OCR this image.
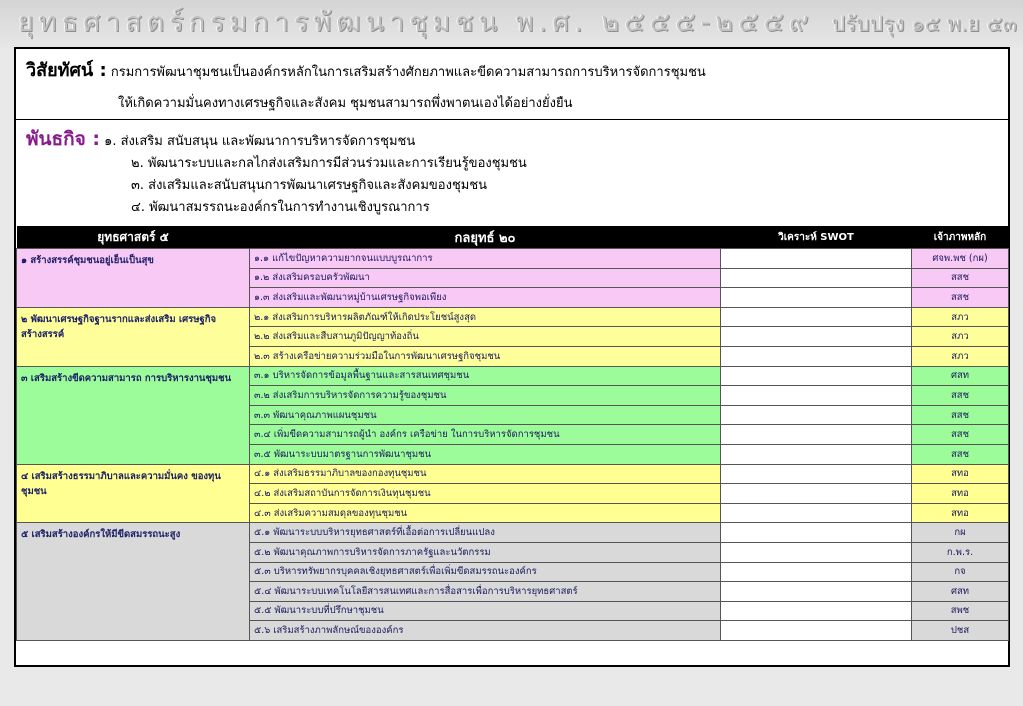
ยุทธศาสตร์กรมการพัฒนาชุมชน พ.ศ. ๒๕๕๕-๒๕๕๙ ปรับปรุง ๑๕ พ.ย ๕๓
วิสัยทัศน์ : กรมการพัฒนาชุมชนเป็นองค์กรหลักในการเสริมสร้างศักยภาพและขีดความสามารถการบริหารจัดการชุมชน
ให้เกิดความมั่นคงทางเศรษฐกิจและสังคม ชุมชนสามารถพึ่งพาตนเองได้อย่างยั่งยืน
พันธกิจ : ๑. ส่งเสริม สนับสนุน และพัฒนาการบริหารจัดการชุมชน
๒. พัฒนาระบบและกลไกส่งเสริมการมีส่วนร่วมและการเรียนรู้ของชุมชน
๓. ส่งเสริมและสนับสนุนการพัฒนาเศรษฐกิจและสังคมของชุมชน
๔. พัฒนาสมรรถนะองค์กรในการทำงานเชิงบูรณาการ
ยุทธศาสตร์ ๕	กลยุทธ์ ๒๐	วิเคราะห์ SWOT	เจ้าภาพหลัก
๑ สร้างสรรค์ชุมชนอยู่เย็นเป็นสุข	๑.๑ แก้ไขปัญหาความยากจนแบบบูรณาการ		ศจพ.พช (กผ)
	๑.๒ ส่งเสริมครอบครัวพัฒนา		สสช
	๑.๓ ส่งเสริมและพัฒนาหมู่บ้านเศรษฐกิจพอเพียง		สสช
๒ พัฒนาเศรษฐกิจฐานรากและส่งเสริม เศรษฐกิจสร้างสรรค์	๒.๑ ส่งเสริมการบริหารผลิตภัณฑ์ให้เกิดประโยชน์สูงสุด		สภว
	๒.๒ ส่งเสริมและสืบสานภูมิปัญญาท้องถิ่น		สภว
	๒.๓ สร้างเครือข่ายความร่วมมือในการพัฒนาเศรษฐกิจชุมชน		สภว
๓ เสริมสร้างขีดความสามารถ การบริหารงานชุมชน	๓.๑ บริหารจัดการข้อมูลพื้นฐานและสารสนเทศชุมชน		ศสท
	๓.๒ ส่งเสริมการบริหารจัดการความรู้ของชุมชน		สสช
	๓.๓ พัฒนาคุณภาพแผนชุมชน		สสช
	๓.๔ เพิ่มขีดความสามารถผู้นำ องค์กร เครือข่าย ในการบริหารจัดการชุมชน		สสช
	๓.๕ พัฒนาระบบมาตรฐานการพัฒนาชุมชน		สสช
๔ เสริมสร้างธรรมาภิบาลและความมั่นคง ของทุนชุมชน	๔.๑ ส่งเสริมธรรมาภิบาลของกองทุนชุมชน		สทอ
	๔.๒ ส่งเสริมสถาบันการจัดการเงินทุนชุมชน		สทอ
	๔.๓ ส่งเสริมความสมดุลของทุนชุมชน		สทอ
๕ เสริมสร้างองค์กรให้มีขีดสมรรถนะสูง	๕.๑ พัฒนาระบบบริหารยุทธศาสตร์ที่เอื้อต่อการเปลี่ยนแปลง		กผ
	๕.๒ พัฒนาคุณภาพการบริหารจัดการภาครัฐและนวัตกรรม		ก.พ.ร.
	๕.๓ บริหารทรัพยากรบุคคลเชิงยุทธศาสตร์เพื่อเพิ่มขีดสมรรถนะองค์กร		กจ
	๕.๔ พัฒนาระบบเทคโนโลยีสารสนเทศและการสื่อสารเพื่อการบริหารยุทธศาสตร์		ศสท
	๕.๕ พัฒนาระบบที่ปรึกษาชุมชน		สพช
	๕.๖ เสริมสร้างภาพลักษณ์ขององค์กร		ปชส
